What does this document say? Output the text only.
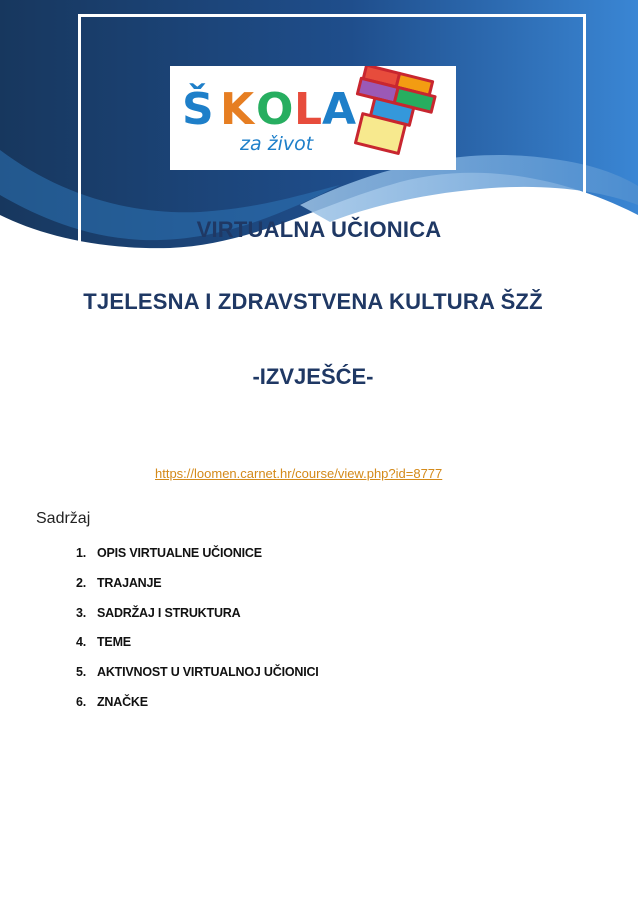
Š K O L A
za život
VIRTUALNA UČIONICA
TJELESNA I ZDRAVSTVENA KULTURA ŠZŽ
-IZVJEŠĆE-
https://loomen.carnet.hr/course/view.php?id=8777
Sadržaj
1. OPIS VIRTUALNE UČIONICE
2. TRAJANJE
3. SADRŽAJ I STRUKTURA
4. TEME
5. AKTIVNOST U VIRTUALNOJ UČIONICI
6. ZNAČKE
